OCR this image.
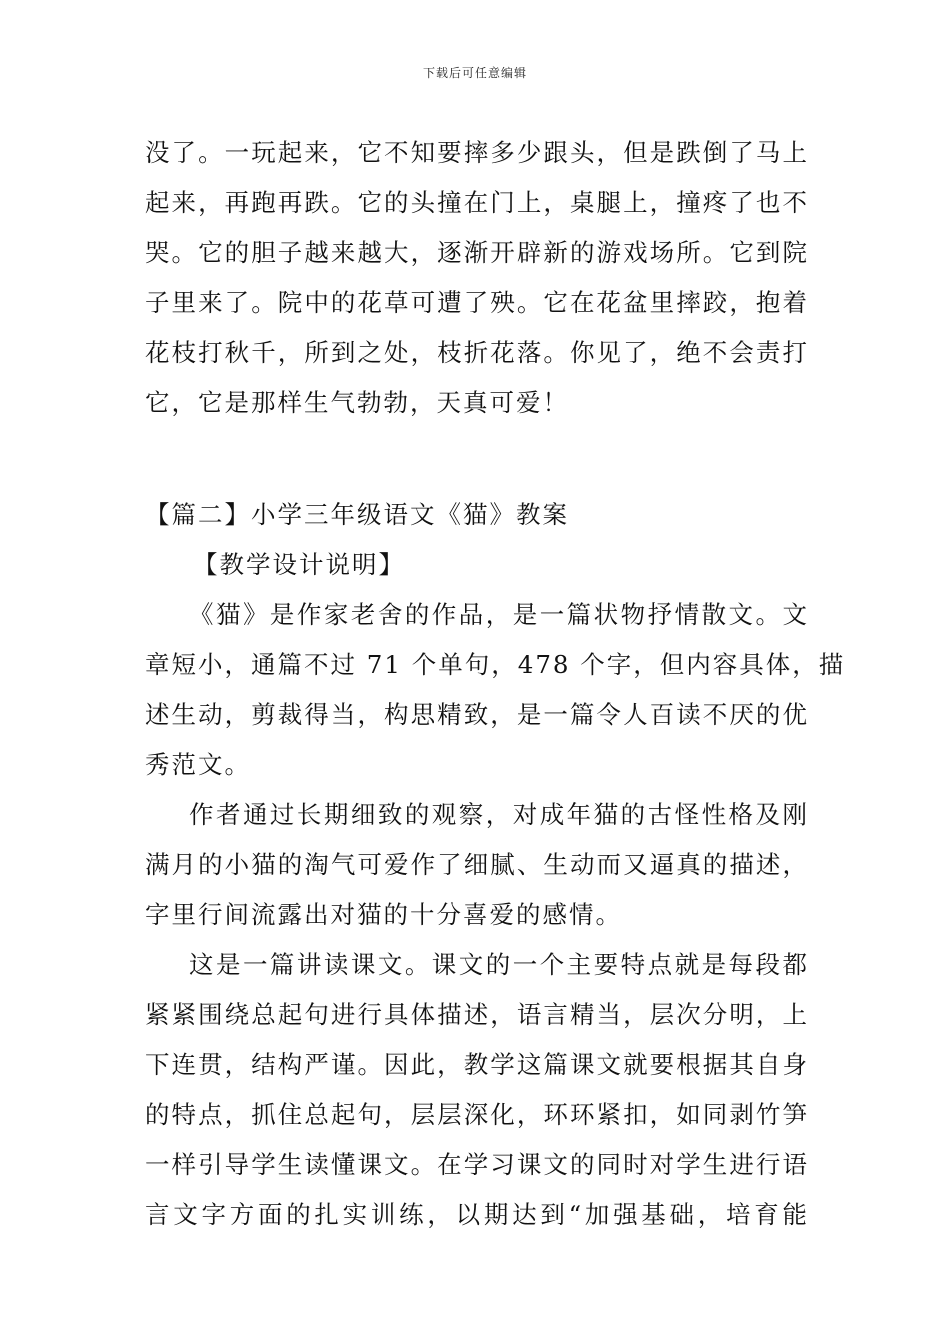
下载后可任意编辑
没了。一玩起来，它不知要摔多少跟头，但是跌倒了马上
起来，再跑再跌。它的头撞在门上，桌腿上，撞疼了也不
哭。它的胆子越来越大，逐渐开辟新的游戏场所。它到院
子里来了。院中的花草可遭了殃。它在花盆里摔跤，抱着
花枝打秋千，所到之处，枝折花落。你见了，绝不会责打
它，它是那样生气勃勃，天真可爱！
【篇二】小学三年级语文《猫》教案
【教学设计说明】
《猫》是作家老舍的作品，是一篇状物抒情散文。文
章短小，通篇不过 71 个单句，478 个字，但内容具体，描
述生动，剪裁得当，构思精致，是一篇令人百读不厌的优
秀范文。
作者通过长期细致的观察，对成年猫的古怪性格及刚
满月的小猫的淘气可爱作了细腻、生动而又逼真的描述，
字里行间流露出对猫的十分喜爱的感情。
这是一篇讲读课文。课文的一个主要特点就是每段都
紧紧围绕总起句进行具体描述，语言精当，层次分明，上
下连贯，结构严谨。因此，教学这篇课文就要根据其自身
的特点，抓住总起句，层层深化，环环紧扣，如同剥竹笋
一样引导学生读懂课文。在学习课文的同时对学生进行语
言文字方面的扎实训练，以期达到“加强基础，培育能
